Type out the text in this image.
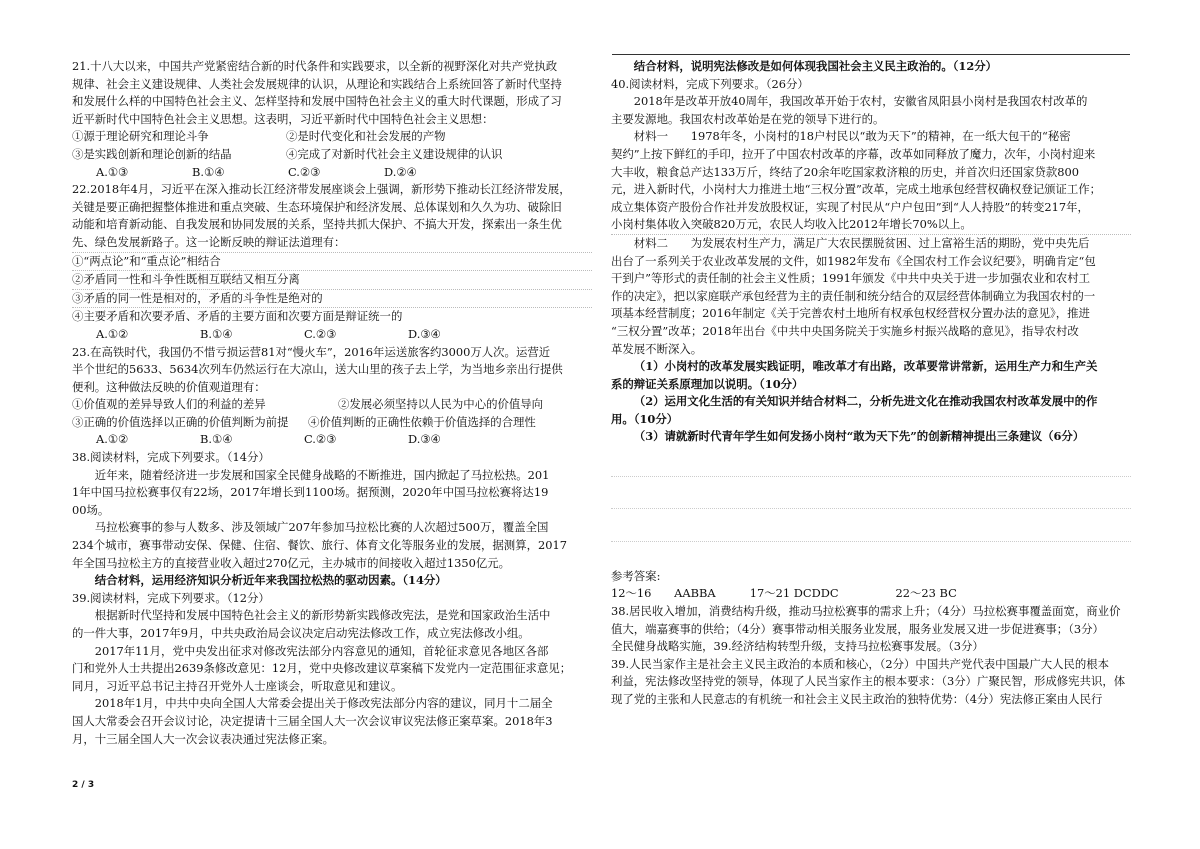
21.十八大以来，中国共产党紧密结合新的时代条件和实践要求，以全新的视野深化对共产党执政

规律、社会主义建设规律、人类社会发展规律的认识，从理论和实践结合上系统回答了新时代坚持

和发展什么样的中国特色社会主义、怎样坚持和发展中国特色社会主义的重大时代课题，形成了习

近平新时代中国特色社会主义思想。这表明，习近平新时代中国特色社会主义思想：

①源于理论研究和理论斗争	②是时代变化和社会发展的产物
③是实践创新和理论创新的结晶	④完成了对新时代社会主义建设规律的认识
A.①③	B.①④	C.②③	D.②④

22.2018年4月，习近平在深入推动长江经济带发展座谈会上强调，新形势下推动长江经济带发展，

关键是要正确把握整体推进和重点突破、生态环境保护和经济发展、总体谋划和久久为功、破除旧

动能和培育新动能、自我发展和协同发展的关系，坚持共抓大保护、不搞大开发，探索出一条生优

先、绿色发展新路子。这一论断反映的辩证法道理有：

①“两点论”和“重点论”相结合

②矛盾同一性和斗争性既相互联结又相互分离

③矛盾的同一性是相对的，矛盾的斗争性是绝对的

④主要矛盾和次要矛盾、矛盾的主要方面和次要方面是辩证统一的

A.①②	B.①④	C.②③	D.③④

23.在高铁时代，我国仍不惜亏损运营81对“慢火车”，2016年运送旅客约3000万人次。运营近

半个世纪的5633、5634次列车仍然运行在大凉山，送大山里的孩子去上学，为当地乡亲出行提供

便利。这种做法反映的价值观道理有：

①价值观的差异导致人们的利益的差异	②发展必须坚持以人民为中心的价值导向
③正确的价值选择以正确的价值判断为前提	④价值判断的正确性依赖于价值选择的合理性
A.①②	B.①④	C.②③	D.③④

38.阅读材料，完成下列要求。（14分）

近年来，随着经济进一步发展和国家全民健身战略的不断推进，国内掀起了马拉松热。201

1年中国马拉松赛事仅有22场，2017年增长到1100场。据预测，2020年中国马拉松赛将达19

00场。

马拉松赛事的参与人数多、涉及领域广207年参加马拉松比赛的人次超过500万，覆盖全国

234个城市，赛事带动安保、保健、住宿、餐饮、旅行、体育文化等服务业的发展，据测算，2017

年全国马拉松主方的直接营业收入超过270亿元，主办城市的间接收入超过1350亿元。

结合材料，运用经济知识分析近年来我国拉松热的驱动因素。（14分）

39.阅读材料，完成下列要求。（12分）

根据新时代坚持和发展中国特色社会主义的新形势新实践修改宪法，是党和国家政治生活中

的一件大事，2017年9月，中共央政治局会议决定启动宪法修改工作，成立宪法修改小组。

2017年11月，党中央发出征求对修改宪法部分内容意见的通知，首轮征求意见各地区各部

门和党外人士共提出2639条修改意见：12月，党中央修改建议草案稿下发党内一定范围征求意见；

同月，习近平总书记主持召开党外人士座谈会，听取意见和建议。

2018年1月，中共中央向全国人大常委会提出关于修改宪法部分内容的建议，同月十二届全

国人大常委会召开会议讨论，决定提请十三届全国人大一次会议审议宪法修正案草案。2018年3

月，十三届全国人大一次会议表决通过宪法修正案。

2 / 3

结合材料，说明宪法修改是如何体现我国社会主义民主政治的。（12分）

40.阅读材料，完成下列要求。（26分）

2018年是改革开放40周年，我国改革开始于农村，安徽省凤阳县小岗村是我国农村改革的

主要发源地。我国农村改革始是在党的领导下进行的。

材料一　　1978年冬，小岗村的18户村民以“敢为天下”的精神，在一纸大包干的“秘密

契约”上按下鲜红的手印，拉开了中国农村改革的序幕，改革如同释放了魔力，次年，小岗村迎来

大丰收，粮食总产达133万斤，终结了20余年吃国家救济粮的历史，并首次归还国家贷款800

元，进入新时代，小岗村大力推进土地“三权分置”改革，完成土地承包经营权确权登记颁证工作；

成立集体资产股份合作社并发放股权证，实现了村民从“户户包田”到“人人持股”的转变217年，

小岗村集体收入突破820万元，农民人均收入比2012年增长70%以上。

材料二　　为发展农村生产力，满足广大农民摆脱贫困、过上富裕生活的期盼，党中央先后

出台了一系列关于农业改革发展的文件，如1982年发布《全国农村工作会议纪要》，明确肯定“包

干到户”等形式的责任制的社会主义性质；1991年颁发《中共中央关于进一步加强农业和农村工

作的决定》，把以家庭联产承包经营为主的责任制和统分结合的双层经营体制确立为我国农村的一

项基本经营制度；2016年制定《关于完善农村土地所有权承包权经营权分置办法的意见》，推进

“三权分置”改革；2018年出台《中共中央国务院关于实施乡村振兴战略的意见》，指导农村改

革发展不断深入。

（1）小岗村的改革发展实践证明，唯改革才有出路，改革要常讲常新，运用生产力和生产关

系的辩证关系原理加以说明。（10分）

（2）运用文化生活的有关知识并结合材料二，分析先进文化在推动我国农村改革发展中的作

用。（10分）

（3）请就新时代青年学生如何发扬小岗村“敢为天下先”的创新精神提出三条建议（6分）

参考答案:

12～16　　AABBA　　　17～21 DCDDC　　　　　22～23 BC

38.居民收入增加，消费结构升级，推动马拉松赛事的需求上升；（4分）马拉松赛事覆盖面宽，商业价

值大，端嘉赛事的供给；（4分）赛事带动相关服务业发展，服务业发展又进一步促进赛事；（3分）

全民健身战略实施，39.经济结构转型升级，支持马拉松赛事发展。（3分）

39.人民当家作主是社会主义民主政治的本质和核心，（2分）中国共产党代表中国最广大人民的根本

利益，宪法修改坚持党的领导，体现了人民当家作主的根本要求：（3分）广聚民智，形成修宪共识，体

现了党的主张和人民意志的有机统一和社会主义民主政治的独特优势：（4分）宪法修正案由人民行
